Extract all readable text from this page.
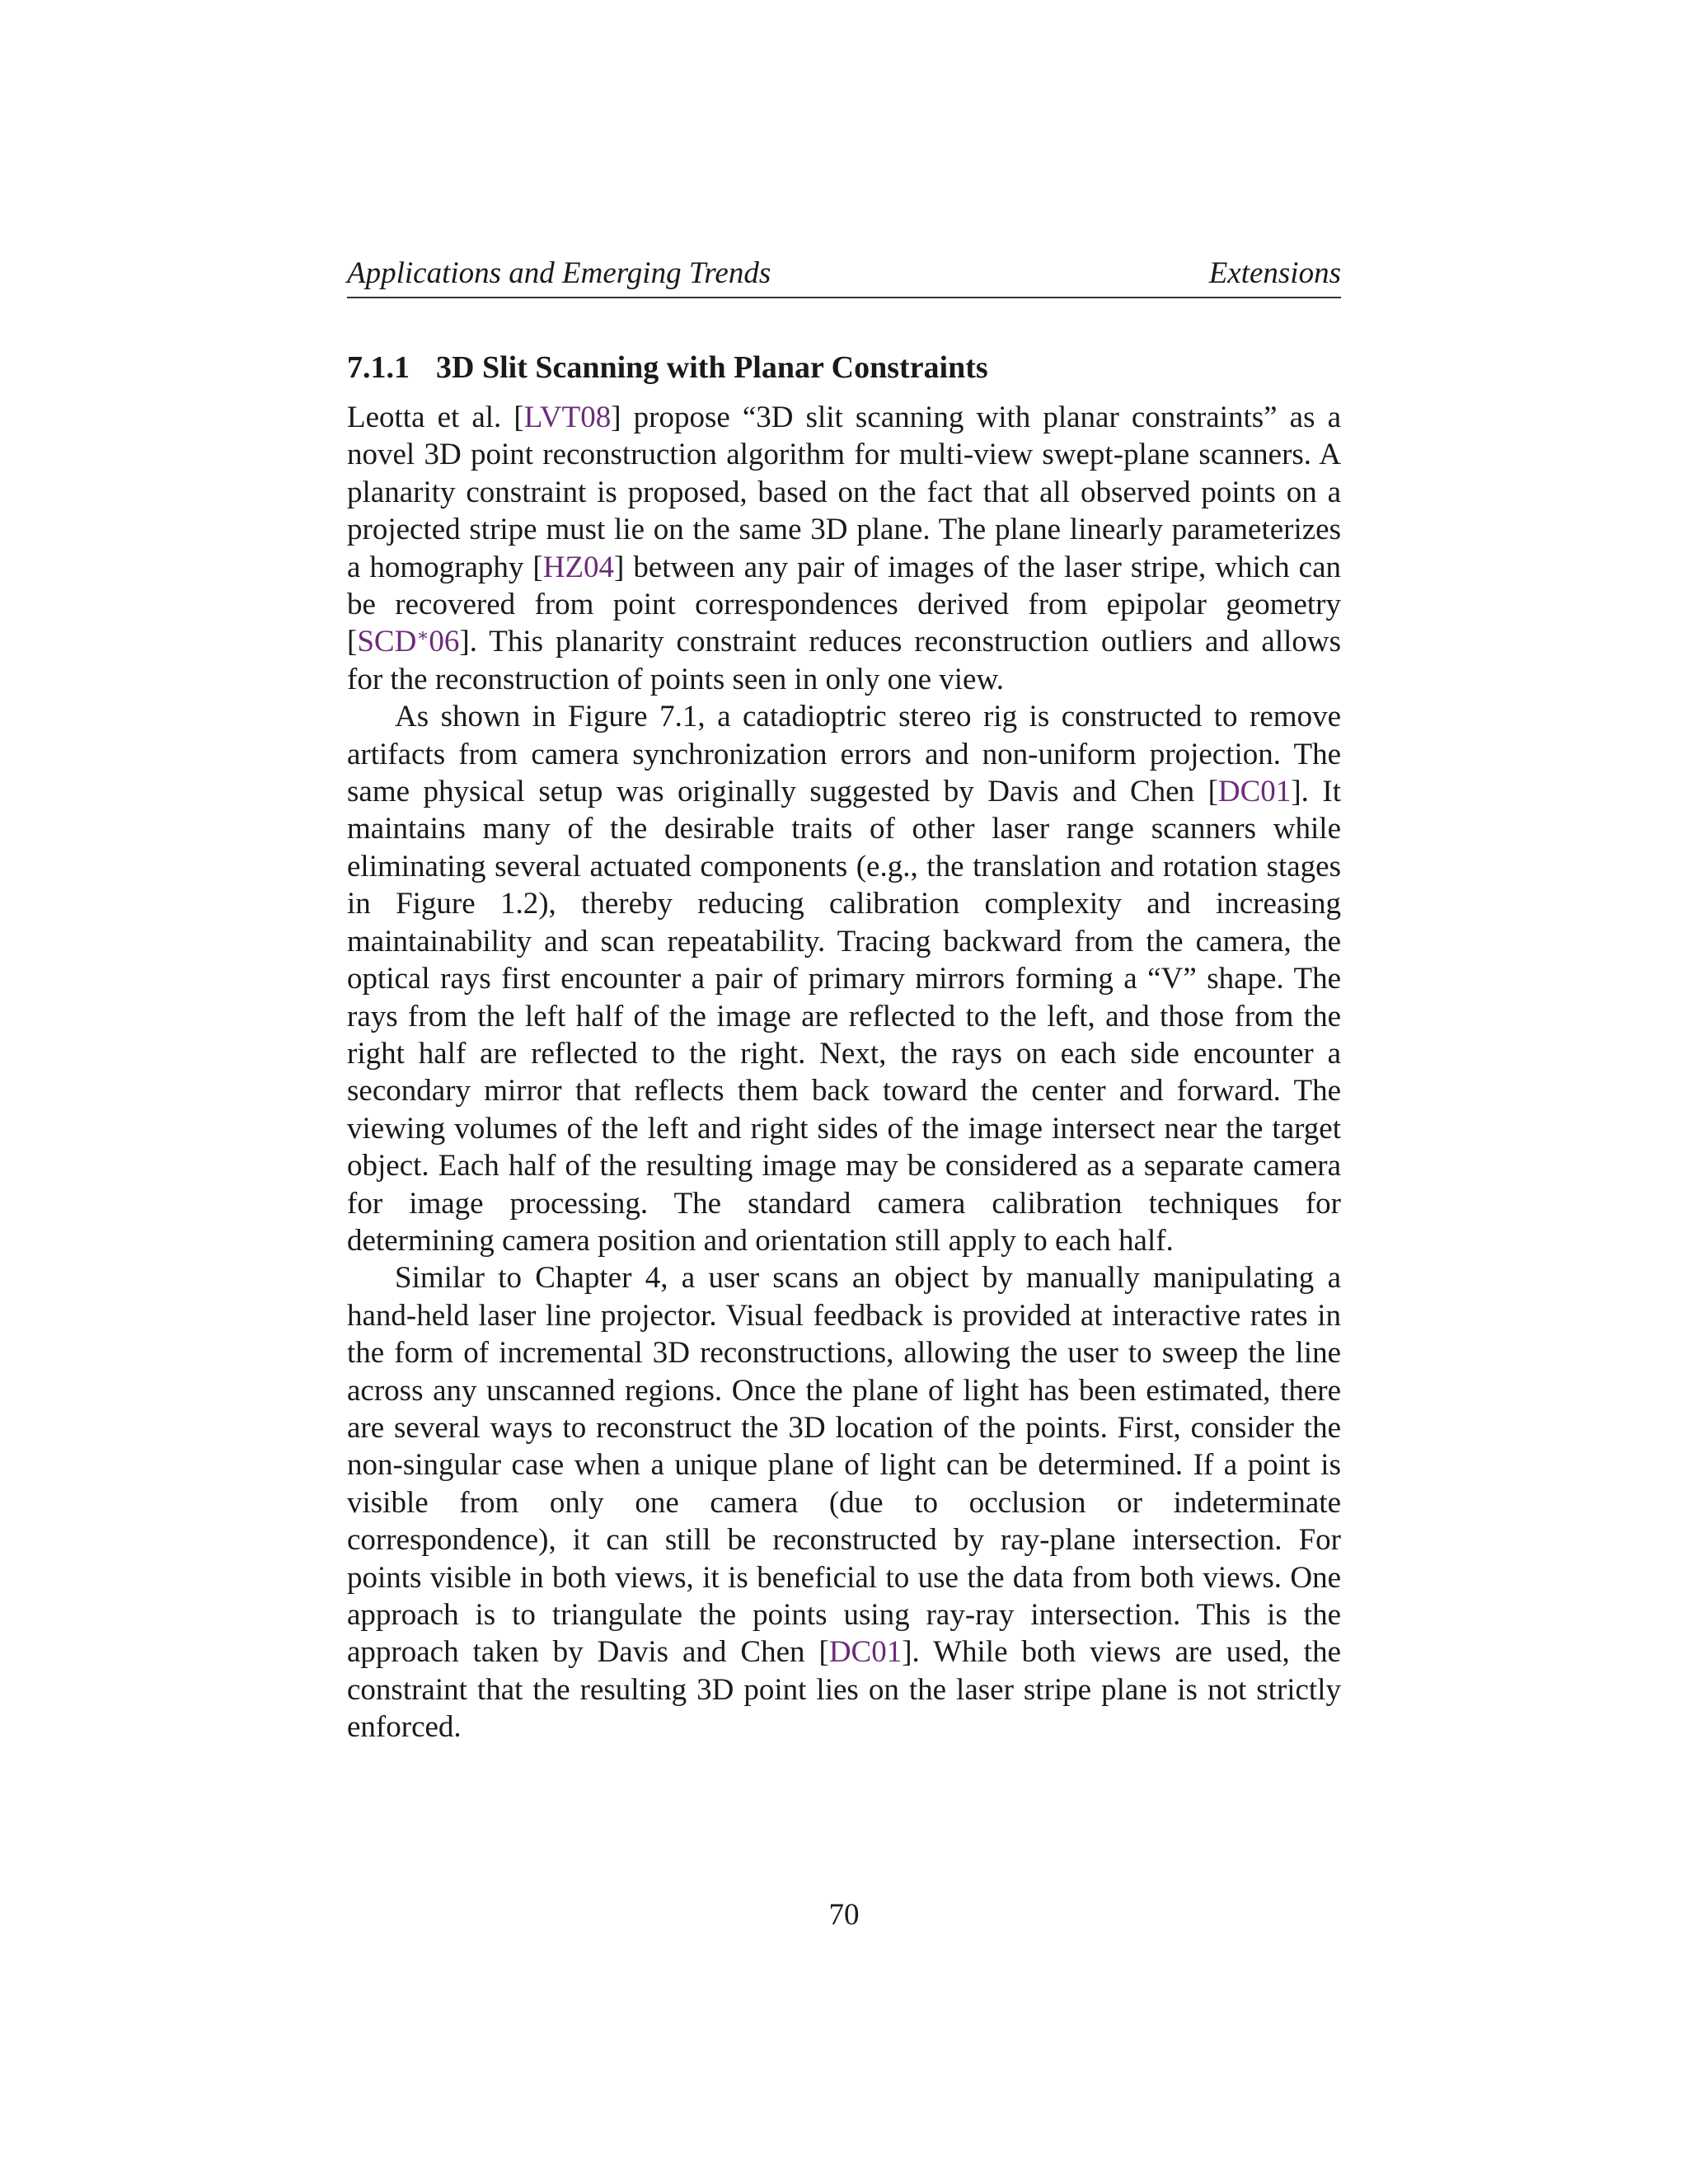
Applications and Emerging Trends	Extensions
7.1.1 3D Slit Scanning with Planar Constraints

Leotta et al. [LVT08] propose “3D slit scanning with planar constraints” as a novel 3D point reconstruction algorithm for multi-view swept-plane scanners. A planarity constraint is proposed, based on the fact that all observed points on a projected stripe must lie on the same 3D plane. The plane linearly parameterizes a homography [HZ04] between any pair of images of the laser stripe, which can be recovered from point correspondences derived from epipolar geometry [SCD∗06]. This planarity constraint reduces reconstruction outliers and allows for the reconstruction of points seen in only one view.

As shown in Figure 7.1, a catadioptric stereo rig is constructed to remove artifacts from camera synchronization errors and non-uniform projection. The same physical setup was originally suggested by Davis and Chen [DC01]. It maintains many of the desirable traits of other laser range scanners while eliminating several actuated components (e.g., the translation and rotation stages in Figure 1.2), thereby reducing calibration complexity and increasing maintainability and scan repeatability. Tracing backward from the camera, the optical rays first encounter a pair of primary mirrors forming a “V” shape. The rays from the left half of the image are reflected to the left, and those from the right half are reflected to the right. Next, the rays on each side encounter a secondary mirror that reflects them back toward the center and forward. The viewing volumes of the left and right sides of the image intersect near the target object. Each half of the resulting image may be considered as a separate camera for image processing. The standard camera calibration techniques for determining camera position and orientation still apply to each half.

Similar to Chapter 4, a user scans an object by manually manipulating a hand-held laser line projector. Visual feedback is provided at interactive rates in the form of incremental 3D reconstructions, allowing the user to sweep the line across any unscanned regions. Once the plane of light has been estimated, there are several ways to reconstruct the 3D location of the points. First, consider the non-singular case when a unique plane of light can be determined. If a point is visible from only one camera (due to occlusion or indeterminate correspondence), it can still be reconstructed by ray-plane intersection. For points visible in both views, it is beneficial to use the data from both views. One approach is to triangulate the points using ray-ray intersection. This is the approach taken by Davis and Chen [DC01]. While both views are used, the constraint that the resulting 3D point lies on the laser stripe plane is not strictly enforced.

70
